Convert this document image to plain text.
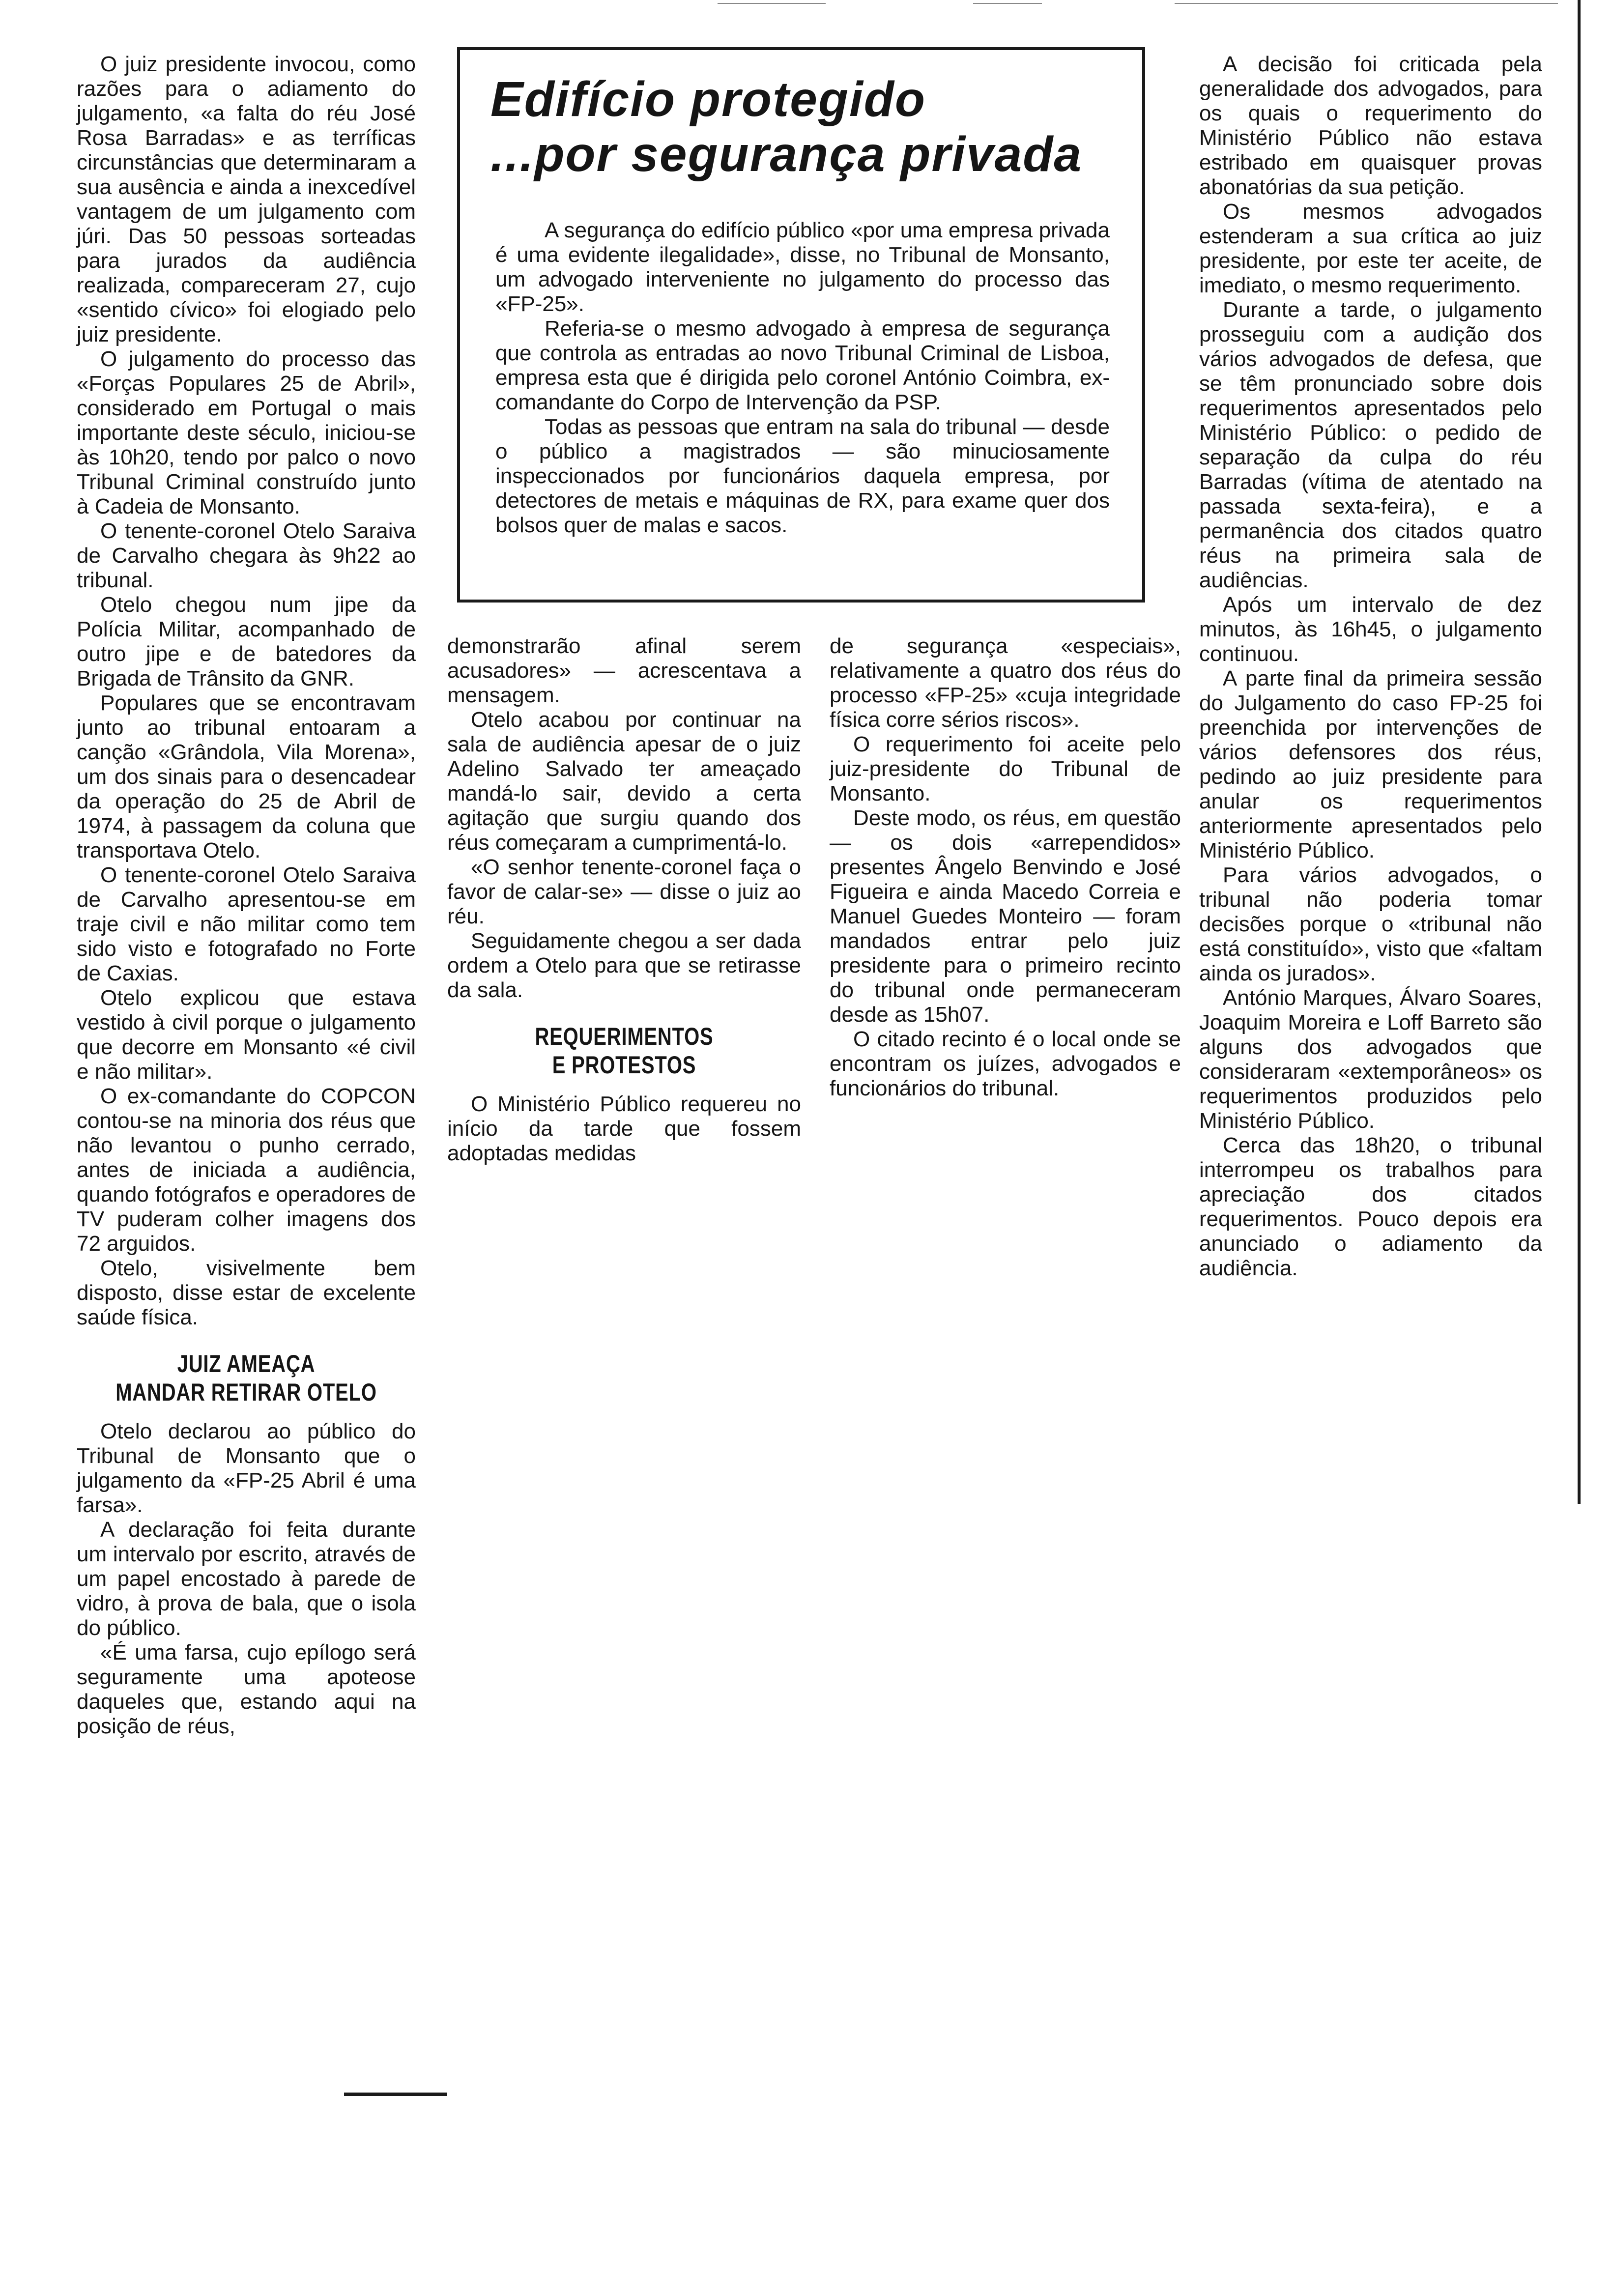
O juiz presidente invocou, como razões para o adiamento do julgamento, «a falta do réu José Rosa Barradas» e as terríficas circunstâncias que determinaram a sua ausência e ainda a inexcedível vantagem de um julgamento com júri. Das 50 pessoas sorteadas para jurados da audiência realizada, compareceram 27, cujo «sentido cívico» foi elogiado pelo juiz presidente.

O julgamento do processo das «Forças Populares 25 de Abril», considerado em Portugal o mais importante deste século, iniciou-se às 10h20, tendo por palco o novo Tribunal Criminal construído junto à Cadeia de Monsanto.

O tenente-coronel Otelo Saraiva de Carvalho chegara às 9h22 ao tribunal.

Otelo chegou num jipe da Polícia Militar, acompanhado de outro jipe e de batedores da Brigada de Trânsito da GNR.

Populares que se encontravam junto ao tribunal entoaram a canção «Grândola, Vila Morena», um dos sinais para o desencadear da operação do 25 de Abril de 1974, à passagem da coluna que transportava Otelo.

O tenente-coronel Otelo Saraiva de Carvalho apresentou-se em traje civil e não militar como tem sido visto e fotografado no Forte de Caxias.

Otelo explicou que estava vestido à civil porque o julgamento que decorre em Monsanto «é civil e não militar».

O ex-comandante do COPCON contou-se na minoria dos réus que não levantou o punho cerrado, antes de iniciada a audiência, quando fotógrafos e operadores de TV puderam colher imagens dos 72 arguidos.

Otelo, visivelmente bem disposto, disse estar de excelente saúde física.

JUIZ AMEAÇA
MANDAR RETIRAR OTELO

Otelo declarou ao público do Tribunal de Monsanto que o julgamento da «FP-25 Abril é uma farsa».

A declaração foi feita durante um intervalo por escrito, através de um papel encostado à parede de vidro, à prova de bala, que o isola do público.

«É uma farsa, cujo epílogo será seguramente uma apoteose daqueles que, estando aqui na posição de réus,

Edifício protegido
...por segurança privada

A segurança do edifício público «por uma empresa privada é uma evidente ilegalidade», disse, no Tribunal de Monsanto, um advogado interveniente no julgamento do processo das «FP-25».

Referia-se o mesmo advogado à empresa de segurança que controla as entradas ao novo Tribunal Criminal de Lisboa, empresa esta que é dirigida pelo coronel António Coimbra, ex-comandante do Corpo de Intervenção da PSP.

Todas as pessoas que entram na sala do tribunal — desde o público a magistrados — são minuciosamente inspeccionados por funcionários daquela empresa, por detectores de metais e máquinas de RX, para exame quer dos bolsos quer de malas e sacos.

demonstrarão afinal serem acusadores» — acrescentava a mensagem.

Otelo acabou por continuar na sala de audiência apesar de o juiz Adelino Salvado ter ameaçado mandá-lo sair, devido a certa agitação que surgiu quando dos réus começaram a cumprimentá-lo.

«O senhor tenente-coronel faça o favor de calar-se» — disse o juiz ao réu.

Seguidamente chegou a ser dada ordem a Otelo para que se retirasse da sala.

REQUERIMENTOS
E PROTESTOS

O Ministério Público requereu no início da tarde que fossem adoptadas medidas

de segurança «especiais», relativamente a quatro dos réus do processo «FP-25» «cuja integridade física corre sérios riscos».

O requerimento foi aceite pelo juiz-presidente do Tribunal de Monsanto.

Deste modo, os réus, em questão — os dois «arrependidos» presentes Ângelo Benvindo e José Figueira e ainda Macedo Correia e Manuel Guedes Monteiro — foram mandados entrar pelo juiz presidente para o primeiro recinto do tribunal onde permaneceram desde as 15h07.

O citado recinto é o local onde se encontram os juízes, advogados e funcionários do tribunal.

A decisão foi criticada pela generalidade dos advogados, para os quais o requerimento do Ministério Público não estava estribado em quaisquer provas abonatórias da sua petição.

Os mesmos advogados estenderam a sua crítica ao juiz presidente, por este ter aceite, de imediato, o mesmo requerimento.

Durante a tarde, o julgamento prosseguiu com a audição dos vários advogados de defesa, que se têm pronunciado sobre dois requerimentos apresentados pelo Ministério Público: o pedido de separação da culpa do réu Barradas (vítima de atentado na passada sexta-feira), e a permanência dos citados quatro réus na primeira sala de audiências.

Após um intervalo de dez minutos, às 16h45, o julgamento continuou.

A parte final da primeira sessão do Julgamento do caso FP-25 foi preenchida por intervenções de vários defensores dos réus, pedindo ao juiz presidente para anular os requerimentos anteriormente apresentados pelo Ministério Público.

Para vários advogados, o tribunal não poderia tomar decisões porque o «tribunal não está constituído», visto que «faltam ainda os jurados».

António Marques, Álvaro Soares, Joaquim Moreira e Loff Barreto são alguns dos advogados que consideraram «extemporâneos» os requerimentos produzidos pelo Ministério Público.

Cerca das 18h20, o tribunal interrompeu os trabalhos para apreciação dos citados requerimentos. Pouco depois era anunciado o adiamento da audiência.
